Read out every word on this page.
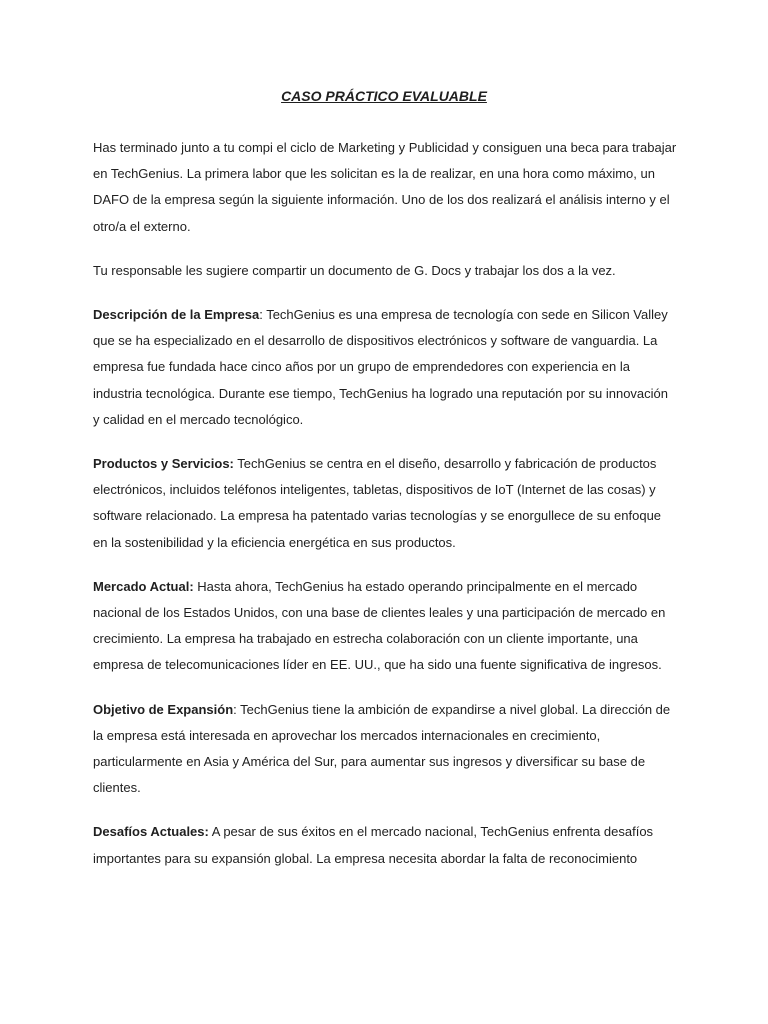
CASO PRÁCTICO EVALUABLE

Has terminado junto a tu compi el ciclo de Marketing y Publicidad y consiguen una beca para trabajar en TechGenius. La primera labor que les solicitan es la de realizar, en una hora como máximo, un DAFO de la empresa según la siguiente información. Uno de los dos realizará el análisis interno y el otro/a el externo.

Tu responsable les sugiere compartir un documento de G. Docs y trabajar los dos a la vez.

Descripción de la Empresa: TechGenius es una empresa de tecnología con sede en Silicon Valley que se ha especializado en el desarrollo de dispositivos electrónicos y software de vanguardia. La empresa fue fundada hace cinco años por un grupo de emprendedores con experiencia en la industria tecnológica. Durante ese tiempo, TechGenius ha logrado una reputación por su innovación y calidad en el mercado tecnológico.

Productos y Servicios: TechGenius se centra en el diseño, desarrollo y fabricación de productos electrónicos, incluidos teléfonos inteligentes, tabletas, dispositivos de IoT (Internet de las cosas) y software relacionado. La empresa ha patentado varias tecnologías y se enorgullece de su enfoque en la sostenibilidad y la eficiencia energética en sus productos.

Mercado Actual: Hasta ahora, TechGenius ha estado operando principalmente en el mercado nacional de los Estados Unidos, con una base de clientes leales y una participación de mercado en crecimiento. La empresa ha trabajado en estrecha colaboración con un cliente importante, una empresa de telecomunicaciones líder en EE. UU., que ha sido una fuente significativa de ingresos.

Objetivo de Expansión: TechGenius tiene la ambición de expandirse a nivel global. La dirección de la empresa está interesada en aprovechar los mercados internacionales en crecimiento, particularmente en Asia y América del Sur, para aumentar sus ingresos y diversificar su base de clientes.

Desafíos Actuales: A pesar de sus éxitos en el mercado nacional, TechGenius enfrenta desafíos importantes para su expansión global. La empresa necesita abordar la falta de reconocimiento
